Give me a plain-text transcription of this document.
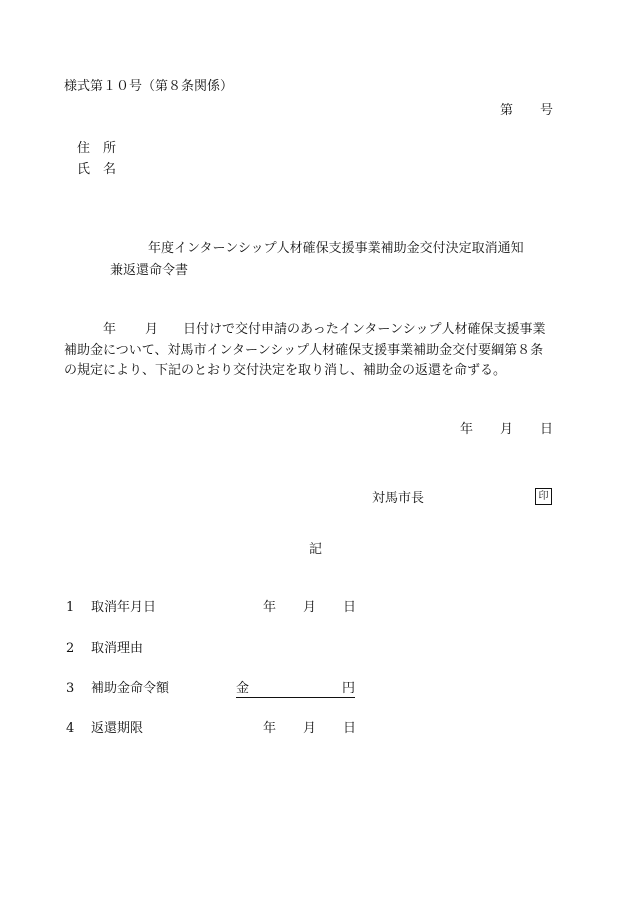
様式第１０号（第８条関係）
第 号
住 所
氏 名
年度インターンシップ人材確保支援事業補助金交付決定取消通知
兼返還命令書
年 月 日付けで交付申請のあったインターンシップ人材確保支援事業
補助金について、対馬市インターンシップ人材確保支援事業補助金交付要綱第８条
の規定により、下記のとおり交付決定を取り消し、補助金の返還を命ずる。
年 月 日
対馬市長	印
記
1 取消年月日	年 月 日
2 取消理由
3 補助金命令額	金	円
4 返還期限	年 月 日
